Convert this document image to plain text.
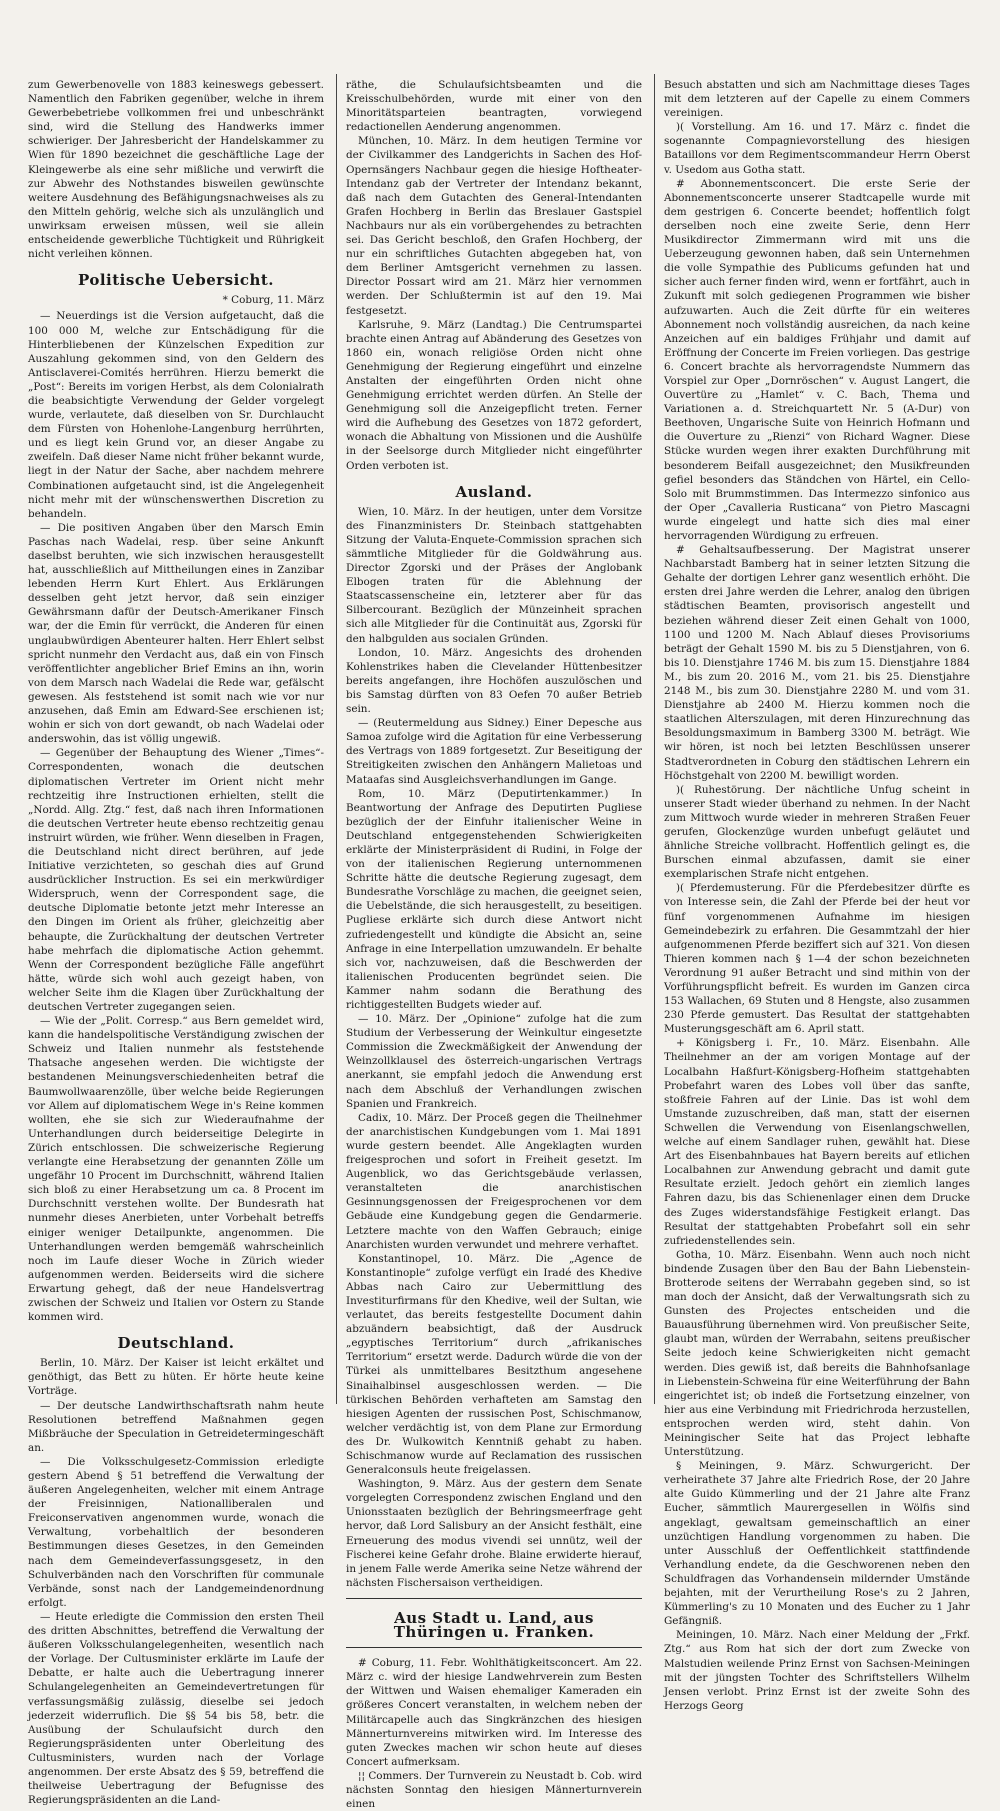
zum Gewerbenovelle von 1883 keineswegs gebessert. Namentlich den Fabriken gegenüber, welche in ihrem Gewerbebetriebe vollkommen frei und unbeschränkt sind, wird die Stellung des Handwerks immer schwieriger. Der Jahresbericht der Handelskammer zu Wien für 1890 bezeichnet die geschäftliche Lage der Kleingewerbe als eine sehr mißliche und verwirft die zur Abwehr des Nothstandes bisweilen gewünschte weitere Ausdehnung des Befähigungsnachweises als zu den Mitteln gehörig, welche sich als unzulänglich und unwirksam erweisen müssen, weil sie allein entscheidende gewerbliche Tüchtigkeit und Rührigkeit nicht verleihen können.

Politische Uebersicht.

* Coburg, 11. März

— Neuerdings ist die Version aufgetaucht, daß die 100 000 M, welche zur Entschädigung für die Hinterbliebenen der Künzelschen Expedition zur Auszahlung gekommen sind, von den Geldern des Antisclaverei-Comités herrühren. Hierzu bemerkt die „Post“: Bereits im vorigen Herbst, als dem Colonialrath die beabsichtigte Verwendung der Gelder vorgelegt wurde, verlautete, daß dieselben von Sr. Durchlaucht dem Fürsten von Hohenlohe-Langenburg herrührten, und es liegt kein Grund vor, an dieser Angabe zu zweifeln. Daß dieser Name nicht früher bekannt wurde, liegt in der Natur der Sache, aber nachdem mehrere Combinationen aufgetaucht sind, ist die Angelegenheit nicht mehr mit der wünschenswerthen Discretion zu behandeln.

— Die positiven Angaben über den Marsch Emin Paschas nach Wadelai, resp. über seine Ankunft daselbst beruhten, wie sich inzwischen herausgestellt hat, ausschließlich auf Mittheilungen eines in Zanzibar lebenden Herrn Kurt Ehlert. Aus Erklärungen desselben geht jetzt hervor, daß sein einziger Gewährsmann dafür der Deutsch-Amerikaner Finsch war, der die Emin für verrückt, die Anderen für einen unglaubwürdigen Abenteurer halten. Herr Ehlert selbst spricht nunmehr den Verdacht aus, daß ein von Finsch veröffentlichter angeblicher Brief Emins an ihn, worin von dem Marsch nach Wadelai die Rede war, gefälscht gewesen. Als feststehend ist somit nach wie vor nur anzusehen, daß Emin am Edward-See erschienen ist; wohin er sich von dort gewandt, ob nach Wadelai oder anderswohin, das ist völlig ungewiß.

— Gegenüber der Behauptung des Wiener „Times“-Correspondenten, wonach die deutschen diplomatischen Vertreter im Orient nicht mehr rechtzeitig ihre Instructionen erhielten, stellt die „Nordd. Allg. Ztg.“ fest, daß nach ihren Informationen die deutschen Vertreter heute ebenso rechtzeitig genau instruirt würden, wie früher. Wenn dieselben in Fragen, die Deutschland nicht direct berühren, auf jede Initiative verzichteten, so geschah dies auf Grund ausdrücklicher Instruction. Es sei ein merkwürdiger Widerspruch, wenn der Correspondent sage, die deutsche Diplomatie betonte jetzt mehr Interesse an den Dingen im Orient als früher, gleichzeitig aber behaupte, die Zurückhaltung der deutschen Vertreter habe mehrfach die diplomatische Action gehemmt. Wenn der Correspondent bezügliche Fälle angeführt hätte, würde sich wohl auch gezeigt haben, von welcher Seite ihm die Klagen über Zurückhaltung der deutschen Vertreter zugegangen seien.

— Wie der „Polit. Corresp.“ aus Bern gemeldet wird, kann die handelspolitische Verständigung zwischen der Schweiz und Italien nunmehr als feststehende Thatsache angesehen werden. Die wichtigste der bestandenen Meinungsverschiedenheiten betraf die Baumwollwaarenzölle, über welche beide Regierungen vor Allem auf diplomatischem Wege in's Reine kommen wollten, ehe sie sich zur Wiederaufnahme der Unterhandlungen durch beiderseitige Delegirte in Zürich entschlossen. Die schweizerische Regierung verlangte eine Herabsetzung der genannten Zölle um ungefähr 10 Procent im Durchschnitt, während Italien sich bloß zu einer Herabsetzung um ca. 8 Procent im Durchschnitt verstehen wollte. Der Bundesrath hat nunmehr dieses Anerbieten, unter Vorbehalt betreffs einiger weniger Detailpunkte, angenommen. Die Unterhandlungen werden bemgemäß wahrscheinlich noch im Laufe dieser Woche in Zürich wieder aufgenommen werden. Beiderseits wird die sichere Erwartung gehegt, daß der neue Handelsvertrag zwischen der Schweiz und Italien vor Ostern zu Stande kommen wird.

Deutschland.

Berlin, 10. März. Der Kaiser ist leicht erkältet und genöthigt, das Bett zu hüten. Er hörte heute keine Vorträge.

— Der deutsche Landwirthschaftsrath nahm heute Resolutionen betreffend Maßnahmen gegen Mißbräuche der Speculation in Getreidetermingeschäft an.

— Die Volksschulgesetz-Commission erledigte gestern Abend § 51 betreffend die Verwaltung der äußeren Angelegenheiten, welcher mit einem Antrage der Freisinnigen, Nationalliberalen und Freiconservativen angenommen wurde, wonach die Verwaltung, vorbehaltlich der besonderen Bestimmungen dieses Gesetzes, in den Gemeinden nach dem Gemeindeverfassungsgesetz, in den Schulverbänden nach den Vorschriften für communale Verbände, sonst nach der Landgemeindenordnung erfolgt.

— Heute erledigte die Commission den ersten Theil des dritten Abschnittes, betreffend die Verwaltung der äußeren Volksschulangelegenheiten, wesentlich nach der Vorlage. Der Cultusminister erklärte im Laufe der Debatte, er halte auch die Uebertragung innerer Schulangelegenheiten an Gemeindevertretungen für verfassungsmäßig zulässig, dieselbe sei jedoch jederzeit widerruflich. Die §§ 54 bis 58, betr. die Ausübung der Schulaufsicht durch den Regierungspräsidenten unter Oberleitung des Cultusministers, wurden nach der Vorlage angenommen. Der erste Absatz des § 59, betreffend die theilweise Uebertragung der Befugnisse des Regierungspräsidenten an die Land-

räthe, die Schulaufsichtsbeamten und die Kreisschulbehörden, wurde mit einer von den Minoritätsparteien beantragten, vorwiegend redactionellen Aenderung angenommen.

München, 10. März. In dem heutigen Termine vor der Civilkammer des Landgerichts in Sachen des Hof-Opernsängers Nachbaur gegen die hiesige Hoftheater-Intendanz gab der Vertreter der Intendanz bekannt, daß nach dem Gutachten des General-Intendanten Grafen Hochberg in Berlin das Breslauer Gastspiel Nachbaurs nur als ein vorübergehendes zu betrachten sei. Das Gericht beschloß, den Grafen Hochberg, der nur ein schriftliches Gutachten abgegeben hat, von dem Berliner Amtsgericht vernehmen zu lassen. Director Possart wird am 21. März hier vernommen werden. Der Schlußtermin ist auf den 19. Mai festgesetzt.

Karlsruhe, 9. März (Landtag.) Die Centrumspartei brachte einen Antrag auf Abänderung des Gesetzes von 1860 ein, wonach religiöse Orden nicht ohne Genehmigung der Regierung eingeführt und einzelne Anstalten der eingeführten Orden nicht ohne Genehmigung errichtet werden dürfen. An Stelle der Genehmigung soll die Anzeigepflicht treten. Ferner wird die Aufhebung des Gesetzes von 1872 gefordert, wonach die Abhaltung von Missionen und die Aushülfe in der Seelsorge durch Mitglieder nicht eingeführter Orden verboten ist.

Ausland.

Wien, 10. März. In der heutigen, unter dem Vorsitze des Finanzministers Dr. Steinbach stattgehabten Sitzung der Valuta-Enquete-Commission sprachen sich sämmtliche Mitglieder für die Goldwährung aus. Director Zgorski und der Präses der Anglobank Elbogen traten für die Ablehnung der Staatscassenscheine ein, letzterer aber für das Silbercourant. Bezüglich der Münzeinheit sprachen sich alle Mitglieder für die Continuität aus, Zgorski für den halbgulden aus socialen Gründen.

London, 10. März. Angesichts des drohenden Kohlenstrikes haben die Clevelander Hüttenbesitzer bereits angefangen, ihre Hochöfen auszulöschen und bis Samstag dürften von 83 Oefen 70 außer Betrieb sein.

— (Reutermeldung aus Sidney.) Einer Depesche aus Samoa zufolge wird die Agitation für eine Verbesserung des Vertrags von 1889 fortgesetzt. Zur Beseitigung der Streitigkeiten zwischen den Anhängern Malietoas und Mataafas sind Ausgleichsverhandlungen im Gange.

Rom, 10. März (Deputirtenkammer.) In Beantwortung der Anfrage des Deputirten Pugliese bezüglich der der Einfuhr italienischer Weine in Deutschland entgegenstehenden Schwierigkeiten erklärte der Ministerpräsident di Rudini, in Folge der von der italienischen Regierung unternommenen Schritte hätte die deutsche Regierung zugesagt, dem Bundesrathe Vorschläge zu machen, die geeignet seien, die Uebelstände, die sich herausgestellt, zu beseitigen. Pugliese erklärte sich durch diese Antwort nicht zufriedengestellt und kündigte die Absicht an, seine Anfrage in eine Interpellation umzuwandeln. Er behalte sich vor, nachzuweisen, daß die Beschwerden der italienischen Producenten begründet seien. Die Kammer nahm sodann die Berathung des richtiggestellten Budgets wieder auf.

— 10. März. Der „Opinione“ zufolge hat die zum Studium der Verbesserung der Weinkultur eingesetzte Commission die Zweckmäßigkeit der Anwendung der Weinzollklausel des österreich-ungarischen Vertrags anerkannt, sie empfahl jedoch die Anwendung erst nach dem Abschluß der Verhandlungen zwischen Spanien und Frankreich.

Cadix, 10. März. Der Proceß gegen die Theilnehmer der anarchistischen Kundgebungen vom 1. Mai 1891 wurde gestern beendet. Alle Angeklagten wurden freigesprochen und sofort in Freiheit gesetzt. Im Augenblick, wo das Gerichtsgebäude verlassen, veranstalteten die anarchistischen Gesinnungsgenossen der Freigesprochenen vor dem Gebäude eine Kundgebung gegen die Gendarmerie. Letztere machte von den Waffen Gebrauch; einige Anarchisten wurden verwundet und mehrere verhaftet.

Konstantinopel, 10. März. Die „Agence de Konstantinople“ zufolge verfügt ein Iradé des Khedive Abbas nach Cairo zur Uebermittlung des Investiturfirmans für den Khedive, weil der Sultan, wie verlautet, das bereits festgestellte Document dahin abzuändern beabsichtigt, daß der Ausdruck „egyptisches Territorium“ durch „afrikanisches Territorium“ ersetzt werde. Dadurch würde die von der Türkei als unmittelbares Besitzthum angesehene Sinaihalbinsel ausgeschlossen werden. — Die türkischen Behörden verhafteten am Samstag den hiesigen Agenten der russischen Post, Schischmanow, welcher verdächtig ist, von dem Plane zur Ermordung des Dr. Wulkowitch Kenntniß gehabt zu haben. Schischmanow wurde auf Reclamation des russischen Generalconsuls heute freigelassen.

Washington, 9. März. Aus der gestern dem Senate vorgelegten Correspondenz zwischen England und den Unionsstaaten bezüglich der Behringsmeerfrage geht hervor, daß Lord Salisbury an der Ansicht festhält, eine Erneuerung des modus vivendi sei unnütz, weil der Fischerei keine Gefahr drohe. Blaine erwiderte hierauf, in jenem Falle werde Amerika seine Netze während der nächsten Fischersaison vertheidigen.

Aus Stadt u. Land, aus Thüringen u. Franken.

# Coburg, 11. Febr. Wohlthätigkeitsconcert. Am 22. März c. wird der hiesige Landwehrverein zum Besten der Wittwen und Waisen ehemaliger Kameraden ein größeres Concert veranstalten, in welchem neben der Militärcapelle auch das Singkränzchen des hiesigen Männerturnvereins mitwirken wird. Im Interesse des guten Zweckes machen wir schon heute auf dieses Concert aufmerksam.

¦¦ Commers. Der Turnverein zu Neustadt b. Cob. wird nächsten Sonntag den hiesigen Männerturnverein einen

Besuch abstatten und sich am Nachmittage dieses Tages mit dem letzteren auf der Capelle zu einem Commers vereinigen.

)( Vorstellung. Am 16. und 17. März c. findet die sogenannte Compagnievorstellung des hiesigen Bataillons vor dem Regimentscommandeur Herrn Oberst v. Usedom aus Gotha statt.

# Abonnementsconcert. Die erste Serie der Abonnementsconcerte unserer Stadtcapelle wurde mit dem gestrigen 6. Concerte beendet; hoffentlich folgt derselben noch eine zweite Serie, denn Herr Musikdirector Zimmermann wird mit uns die Ueberzeugung gewonnen haben, daß sein Unternehmen die volle Sympathie des Publicums gefunden hat und sicher auch ferner finden wird, wenn er fortfährt, auch in Zukunft mit solch gediegenen Programmen wie bisher aufzuwarten. Auch die Zeit dürfte für ein weiteres Abonnement noch vollständig ausreichen, da nach keine Anzeichen auf ein baldiges Frühjahr und damit auf Eröffnung der Concerte im Freien vorliegen. Das gestrige 6. Concert brachte als hervorragendste Nummern das Vorspiel zur Oper „Dornröschen“ v. August Langert, die Ouvertüre zu „Hamlet“ v. C. Bach, Thema und Variationen a. d. Streichquartett Nr. 5 (A-Dur) von Beethoven, Ungarische Suite von Heinrich Hofmann und die Ouverture zu „Rienzi“ von Richard Wagner. Diese Stücke wurden wegen ihrer exakten Durchführung mit besonderem Beifall ausgezeichnet; den Musikfreunden gefiel besonders das Ständchen von Härtel, ein Cello-Solo mit Brummstimmen. Das Intermezzo sinfonico aus der Oper „Cavalleria Rusticana“ von Pietro Mascagni wurde eingelegt und hatte sich dies mal einer hervorragenden Würdigung zu erfreuen.

# Gehaltsaufbesserung. Der Magistrat unserer Nachbarstadt Bamberg hat in seiner letzten Sitzung die Gehalte der dortigen Lehrer ganz wesentlich erhöht. Die ersten drei Jahre werden die Lehrer, analog den übrigen städtischen Beamten, provisorisch angestellt und beziehen während dieser Zeit einen Gehalt von 1000, 1100 und 1200 M. Nach Ablauf dieses Provisoriums beträgt der Gehalt 1590 M. bis zu 5 Dienstjahren, von 6. bis 10. Dienstjahre 1746 M. bis zum 15. Dienstjahre 1884 M., bis zum 20. 2016 M., vom 21. bis 25. Dienstjahre 2148 M., bis zum 30. Dienstjahre 2280 M. und vom 31. Dienstjahre ab 2400 M. Hierzu kommen noch die staatlichen Alterszulagen, mit deren Hinzurechnung das Besoldungsmaximum in Bamberg 3300 M. beträgt. Wie wir hören, ist noch bei letzten Beschlüssen unserer Stadtverordneten in Coburg den städtischen Lehrern ein Höchstgehalt von 2200 M. bewilligt worden.

)( Ruhestörung. Der nächtliche Unfug scheint in unserer Stadt wieder überhand zu nehmen. In der Nacht zum Mittwoch wurde wieder in mehreren Straßen Feuer gerufen, Glockenzüge wurden unbefugt geläutet und ähnliche Streiche vollbracht. Hoffentlich gelingt es, die Burschen einmal abzufassen, damit sie einer exemplarischen Strafe nicht entgehen.

)( Pferdemusterung. Für die Pferdebesitzer dürfte es von Interesse sein, die Zahl der Pferde bei der heut vor fünf vorgenommenen Aufnahme im hiesigen Gemeindebezirk zu erfahren. Die Gesammtzahl der hier aufgenommenen Pferde beziffert sich auf 321. Von diesen Thieren kommen nach § 1—4 der schon bezeichneten Verordnung 91 außer Betracht und sind mithin von der Vorführungspflicht befreit. Es wurden im Ganzen circa 153 Wallachen, 69 Stuten und 8 Hengste, also zusammen 230 Pferde gemustert. Das Resultat der stattgehabten Musterungsgeschäft am 6. April statt.

+ Königsberg i. Fr., 10. März. Eisenbahn. Alle Theilnehmer an der am vorigen Montage auf der Localbahn Haßfurt-Königsberg-Hofheim stattgehabten Probefahrt waren des Lobes voll über das sanfte, stoßfreie Fahren auf der Linie. Das ist wohl dem Umstande zuzuschreiben, daß man, statt der eisernen Schwellen die Verwendung von Eisenlangschwellen, welche auf einem Sandlager ruhen, gewählt hat. Diese Art des Eisenbahnbaues hat Bayern bereits auf etlichen Localbahnen zur Anwendung gebracht und damit gute Resultate erzielt. Jedoch gehört ein ziemlich langes Fahren dazu, bis das Schienenlager einen dem Drucke des Zuges widerstandsfähige Festigkeit erlangt. Das Resultat der stattgehabten Probefahrt soll ein sehr zufriedenstellendes sein.

Gotha, 10. März. Eisenbahn. Wenn auch noch nicht bindende Zusagen über den Bau der Bahn Liebenstein-Brotterode seitens der Werrabahn gegeben sind, so ist man doch der Ansicht, daß der Verwaltungsrath sich zu Gunsten des Projectes entscheiden und die Bauausführung übernehmen wird. Von preußischer Seite, glaubt man, würden der Werrabahn, seitens preußischer Seite jedoch keine Schwierigkeiten nicht gemacht werden. Dies gewiß ist, daß bereits die Bahnhofsanlage in Liebenstein-Schweina für eine Weiterführung der Bahn eingerichtet ist; ob indeß die Fortsetzung einzelner, von hier aus eine Verbindung mit Friedrichroda herzustellen, entsprochen werden wird, steht dahin. Von Meiningischer Seite hat das Project lebhafte Unterstützung.

§ Meiningen, 9. März. Schwurgericht. Der verheirathete 37 Jahre alte Friedrich Rose, der 20 Jahre alte Guido Kümmerling und der 21 Jahre alte Franz Eucher, sämmtlich Maurergesellen in Wölfis sind angeklagt, gewaltsam gemeinschaftlich an einer unzüchtigen Handlung vorgenommen zu haben. Die unter Ausschluß der Oeffentlichkeit stattfindende Verhandlung endete, da die Geschworenen neben den Schuldfragen das Vorhandensein mildernder Umstände bejahten, mit der Verurtheilung Rose's zu 2 Jahren, Kümmerling's zu 10 Monaten und des Eucher zu 1 Jahr Gefängniß.

Meiningen, 10. März. Nach einer Meldung der „Frkf. Ztg.“ aus Rom hat sich der dort zum Zwecke von Malstudien weilende Prinz Ernst von Sachsen-Meiningen mit der jüngsten Tochter des Schriftstellers Wilhelm Jensen verlobt. Prinz Ernst ist der zweite Sohn des Herzogs Georg
